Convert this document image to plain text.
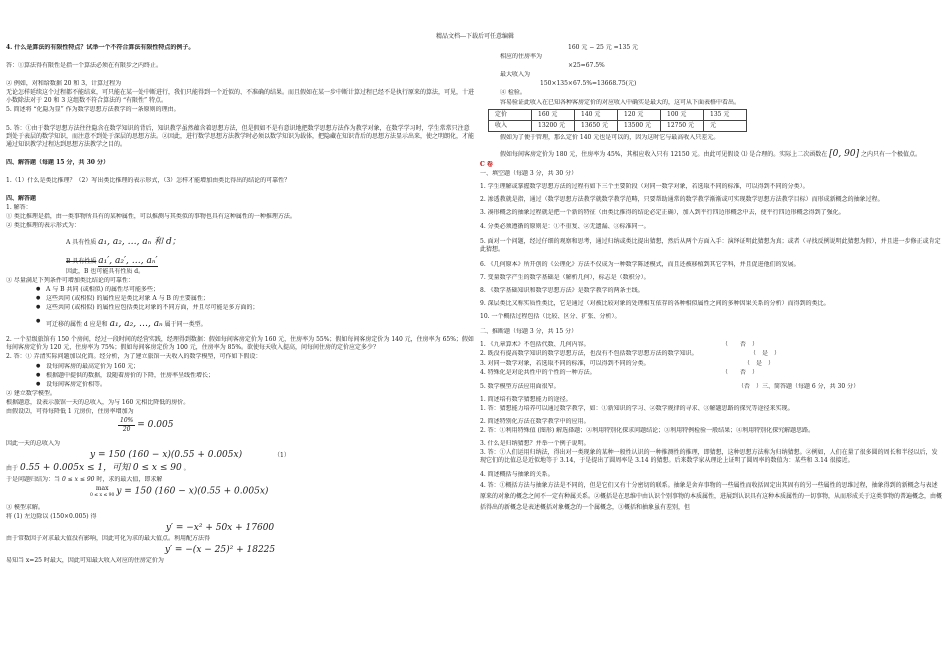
精品文档---下载后可任意编辑

4. 什么是算法的有限性特点？试举一个不符合算法有限性特点的例子。

答：①算法得有限性是指一个算法必须在有限步之内终止。

② 例如，对和给数据 20 和 3，计算过程为

无论怎样延续这个过程都不能结束，可只能在某一处中断进行，我们只能得到一个近似的、不准确的结果。而且假如在某一步中断计算过程已经不是执行原来的算法，可见，十进小数除法对于 20 和 3 这组数不符合算法的 “有限性” 特点。

5. 简述将 “化隐为显” 作为数学思想方法教学的一条原则的理由。

5. 答：①由于数学思想方法往往隐含在数学知识的背后，知识教学虽然蕴含着思想方法，但是假如不是有意识地把数学思想方法作为教学对象，在数学学习时，学生常常只注意到处于表层的数学知识，而注意不到处于深层的思想方法。②因此，进行数学思想方法教学时必须以数学知识为载体，把隐藏在知识背后的思想方法显示出来，使之明朗化，才能通过知识教学过程达到思想方法教学之目的。

四、解答题（每题 15 分，共 30 分）

1.（1）什么是类比推理？（2）写出类比推理的表示形式，（3）怎样才能增加由类比得出的结论的可靠性？

四、解答题

1. 解答：

① 类比推理是指，由一类事物所具有的某种属性，可以推测与其类似的事物也具有这种属性的一种推理方法。

② 类比推理的表示形式为：

A 具有性质 a₁, a₂, …, aₙ 和 d；

B 具有性质 a₁′, a₂′, …, aₙ′

因此，B 也可能具有性质 d。

③ 尽量满足下列条件可增加类比结论的可靠性：

● A 与 B 共同 (或相似) 的属性尽可能多些；

● 这些共同 (或相似) 的属性应是类比对象 A 与 B 的主要属性；

● 这些共同 (或相似) 的属性应包括类比对象的不同方面，并且尽可能是多方面的；

● 可迁移的属性 d 应是和 a₁, a₂, …, aₙ 属于同一类型。

2. 一个星级旅馆有 150 个房间，经过一段时间的经营实践，经理得到数据：假如每间客房定价为 160 元，住房率为 55%；假如每间客房定价为 140 元，住房率为 65%；假如每间客房定价为 120 元，住房率为 75%；假如每间客房定价为 100 元，住房率为 85%。欲使每天收入提高，问每间住房的定价应定多少？

2. 答：① 弄清实际问题加以化简。经分析，为了建立旅馆一天收入的数学模型，可作如下假设：

● 设每间客房的最高定价为 160 元；

● 根据题中提供的数据，设随着房价的下降，住房率呈线性增长；

● 设每间客房定价相等。

② 建立数学模型。

根据题意，设表示旅馆一天的总收入，为与 160 元相比降低的房价。

由假设⑵，可得每降低 1 元房价，住房率增加为

$\frac{10\%}{20} = 0.005$

因此一天的总收入为

y = 150 (160 − x)(0.55 + 0.005x)	（1）

由于 0.55 + 0.005x ≤ 1，可知 0 ≤ x ≤ 90 。

于是问题归结为：当 0 ≤ x ≤ 90 时，求的最大值，即求解

max
0 ≤ x ≤ 90 y = 150 (160 − x)(0.55 + 0.005x)

③ 模型求解。

将 (1) 左边除以 (150×0.005) 得

y′ = −x² + 50x + 17600

由于常数因子对求最大值没有影响，因此可化为求的最大值点。利用配方法得

y′ = −(x − 25)² + 18225

易知当 x=25 时最大，因此可知最大收入对应的住房定价为

160 元 − 25 元 =135 元

相应的住房率为

×25=67.5%

最大收入为

150×135×67.5%=13668.75(元)

④ 检验。

容易验证此收入在已知各种客房定价的对应收入中确实是最大的，这可从下面表格中看出。

定价	160 元	140 元	120 元	100 元	135 元
收入	13200 元	13650 元	13500 元	12750 元	元

假如为了便于管理，那么定价 140 元也是可以的，因为这时它与最高收入只差元。

假如每间客房定价为 180 元，住房率为 45%，其相应收入只有 12150 元。由此可见假设 ⑴ 是合理的。实际上二次函数在 [0, 90] 之内只有一个极值点。

C 卷

一、填空题（每题 3 分，共 30 分）

1. 学生理解或掌握数学思想方法的过程有如下三个主要阶段（对同一数学对象，若选取不同的标准，可以得到不同的分类）。

2. 渗透教就是指，通过（数学思想方法教学就数学教学范畴，只要帮助通常的数学教学渐渐或可实现数学思想方法教学目标）而形成新概念的抽象过程。

3. 凑形概念的抽象过程就是把一个新的特征（由类比推得的结论必定正确），加入到平行四边形概念中去，使平行四边形概念得到了强化。

4. 分类必须遵循的原则是：①不重复、②无遗漏、③标准同一。

5. 面对一个问题，经过仔细的观察和思考，通过归纳或类比提出猜想，然后从两个方面入手：演绎证明此猜想为真；或者（寻找反例说明此猜想为假），并且进一步修正或肯定此猜想。

6. 《几何原本》所开创的《公理化》方法不仅成为一种数学陈述模式，而且还被移植到其它学科，并且促进他们的发展。

7. 变量数学产生的数学基础是（解析几何），标志是（数积分）。

8. 《数学基础知识和数学思想方法》是数学教学的两条主线。

9. 深层类比又称实质性类比，它是通过（对被比较对象的处理相互依存的各种相似属性之间的多种因果关系的分析）而得到的类比。

10. 一个概括过程包括（比较、区分、扩张、分析）。

二、推断题（每题 3 分，共 15 分）

1. 《九章算术》不包括代数、几何内容。	（　　否　）

2. 既没有提高数学知识的数学思想方法，也没有不包括数学思想方法的数学知识。	（　是　）

3. 对同一数学对象，若选取不同的标准，可以得到不同的分类。	（　是　）

4. 特殊化是对论共性中的个性的一种方法。	（　　否　）

5. 数学模型方法应用面很窄。	（否　）三、简答题（每题 6 分，共 30 分）

1. 简述培有数学猜想能力的途径。

1. 答：猜想能力培养可以通过数学教学，如：①新知识的学习、②数学规律的寻求、③解题思路的探究等途径来实现。

2. 简述特别化方法在数学教学中的应用。

2. 答：①利用特殊值 (图形) 解选择题；②利用特别化探求问题结论；③利用特例检验一般结果；④利用特别化探究解题思路。

3. 什么是归纳猜想？并举一个例子说明。

3. 答：①人们运用归纳法，得出对一类现象的某种一般性认识的一种推测性的推理，即猜想，这种思想方法称为归纳猜想。②例如，人们在量了很多圆的周长和半径以后，发现它们的比值总是近似地等于 3.14，于是提出了圆周率是 3.14 的猜想。后来数学家从理论上证明了圆周率的数值为：某些和 3.14 很接近。

4. 简述概括与抽象的关系。

4. 答：①概括方法与抽象方法是不同的，但是它们又有十分密切的联系。抽象是舍弃事物的一些属性而收括固定出其固有的另一些属性的思维过程，抽象得到的新概念与表述原来的对象的概念之间不一定有种属关系。②概括是在思维中由认识个别事物的本质属性，进展到认识具有这种本质属性的一切事物，从而形成关于这类事物的普遍概念，由概括得出的新概念是表述概括对象概念的一个属概念，③概括和抽象虽有差别，但
